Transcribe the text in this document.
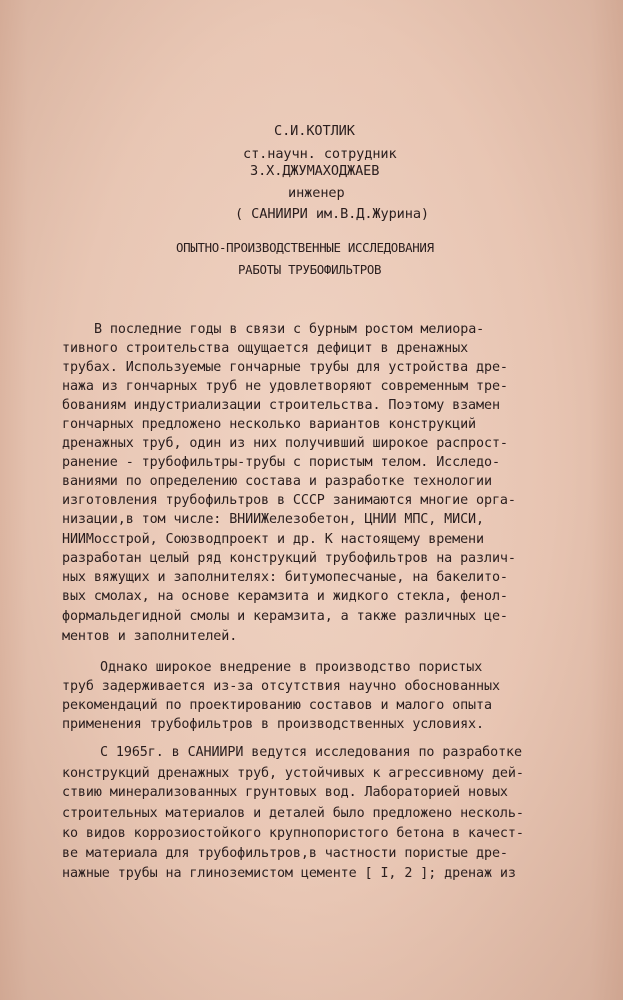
С.И.КОТЛИК
ст.научн. сотрудник
З.Х.ДЖУМАХОДЖАЕВ
инженер
( САНИИРИ им.В.Д.Журина)
ОПЫТНО-ПРОИЗВОДСТВЕННЫЕ ИССЛЕДОВАНИЯ
РАБОТЫ ТРУБОФИЛЬТРОВ
В последние годы в связи с бурным ростом мелиора-
тивного строительства ощущается дефицит в дренажных
трубах. Используемые гончарные трубы для устройства дре-
нажа из гончарных труб не удовлетворяют современным тре-
бованиям индустриализации строительства. Поэтому взамен
гончарных предложено несколько вариантов конструкций
дренажных труб, один из них получивший широкое распрост-
ранение - трубофильтры-трубы с пористым телом. Исследо-
ваниями по определению состава и разработке технологии
изготовления трубофильтров в СССР занимаются многие орга-
низации,в том числе: ВНИИЖелезобетон, ЦНИИ МПС, МИСИ,
НИИМосстрой, Союзводпроект и др. К настоящему времени
разработан целый ряд конструкций трубофильтров на различ-
ных вяжущих и заполнителях: битумопесчаные, на бакелито-
вых смолах, на основе керамзита и жидкого стекла, фенол-
формальдегидной смолы и керамзита, а также различных це-
ментов и заполнителей.
Однако широкое внедрение в производство пористых
труб задерживается из-за отсутствия научно обоснованных
рекомендаций по проектированию составов и малого опыта
применения трубофильтров в производственных условиях.
С 1965г. в САНИИРИ ведутся исследования по разработке
конструкций дренажных труб, устойчивых к агрессивному дей-
ствию минерализованных грунтовых вод. Лабораторией новых
строительных материалов и деталей было предложено нескoль-
ко видов коррозиостойкого крупнопористого бетона в качест-
ве материала для трубофильтров,в частности пористые дре-
нажные трубы на глиноземистом цементе [ I, 2 ]; дренаж из
